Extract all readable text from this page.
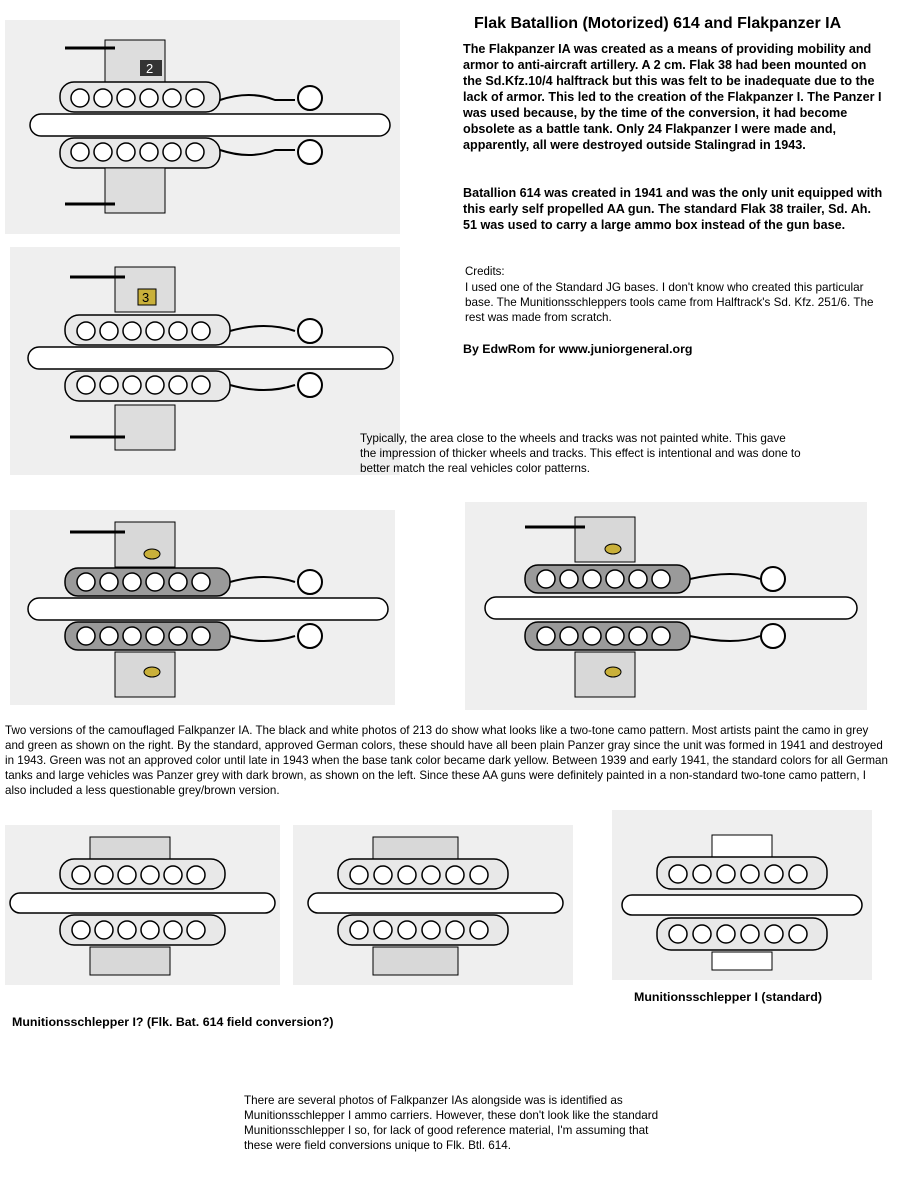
Flak Batallion (Motorized) 614 and Flakpanzer IA
The Flakpanzer IA was created as a means of providing mobility and armor to anti-aircraft artillery. A 2 cm. Flak 38 had been mounted on the Sd.Kfz.10/4 halftrack but this was felt to be inadequate due to the lack of armor. This led to the creation of the Flakpanzer I. The Panzer I was used because, by the time of the conversion, it had become obsolete as a battle tank. Only 24 Flakpanzer I were made and, apparently, all were destroyed outside Stalingrad in 1943.
Batallion 614 was created in 1941 and was the only unit equipped with this early self propelled AA gun. The standard Flak 38 trailer, Sd. Ah. 51 was used to carry a large ammo box instead of the gun base.
Credits:
I used one of the Standard JG bases. I don't know who created this particular base. The Munitionsschleppers tools came from Halftrack's Sd. Kfz. 251/6. The rest was made from scratch.
By EdwRom for www.juniorgeneral.org
2
3
Typically, the area close to the wheels and tracks was not painted white. This gave the impression of thicker wheels and tracks. This effect is intentional and was done to better match the real vehicles color patterns.
Two versions of the camouflaged Falkpanzer IA. The black and white photos of 213 do show what looks like a two-tone camo pattern. Most artists paint the camo in grey and green as shown on the right. By the standard, approved German colors, these should have all been plain Panzer gray since the unit was formed in 1941 and destroyed in 1943. Green was not an approved color until late in 1943 when the base tank color became dark yellow. Between 1939 and early 1941, the standard colors for all German tanks and large vehicles was Panzer grey with dark brown, as shown on the left. Since these AA guns were definitely painted in a non-standard two-tone camo pattern, I also included a less questionable grey/brown version.
Munitionsschlepper I (standard)
Munitionsschlepper I? (Flk. Bat. 614 field conversion?)
There are several photos of Falkpanzer IAs alongside was is identified as Munitionsschlepper I ammo carriers. However, these don't look like the standard Munitionsschlepper I so, for lack of good reference material, I'm assuming that these were field conversions unique to Flk. Btl. 614.
